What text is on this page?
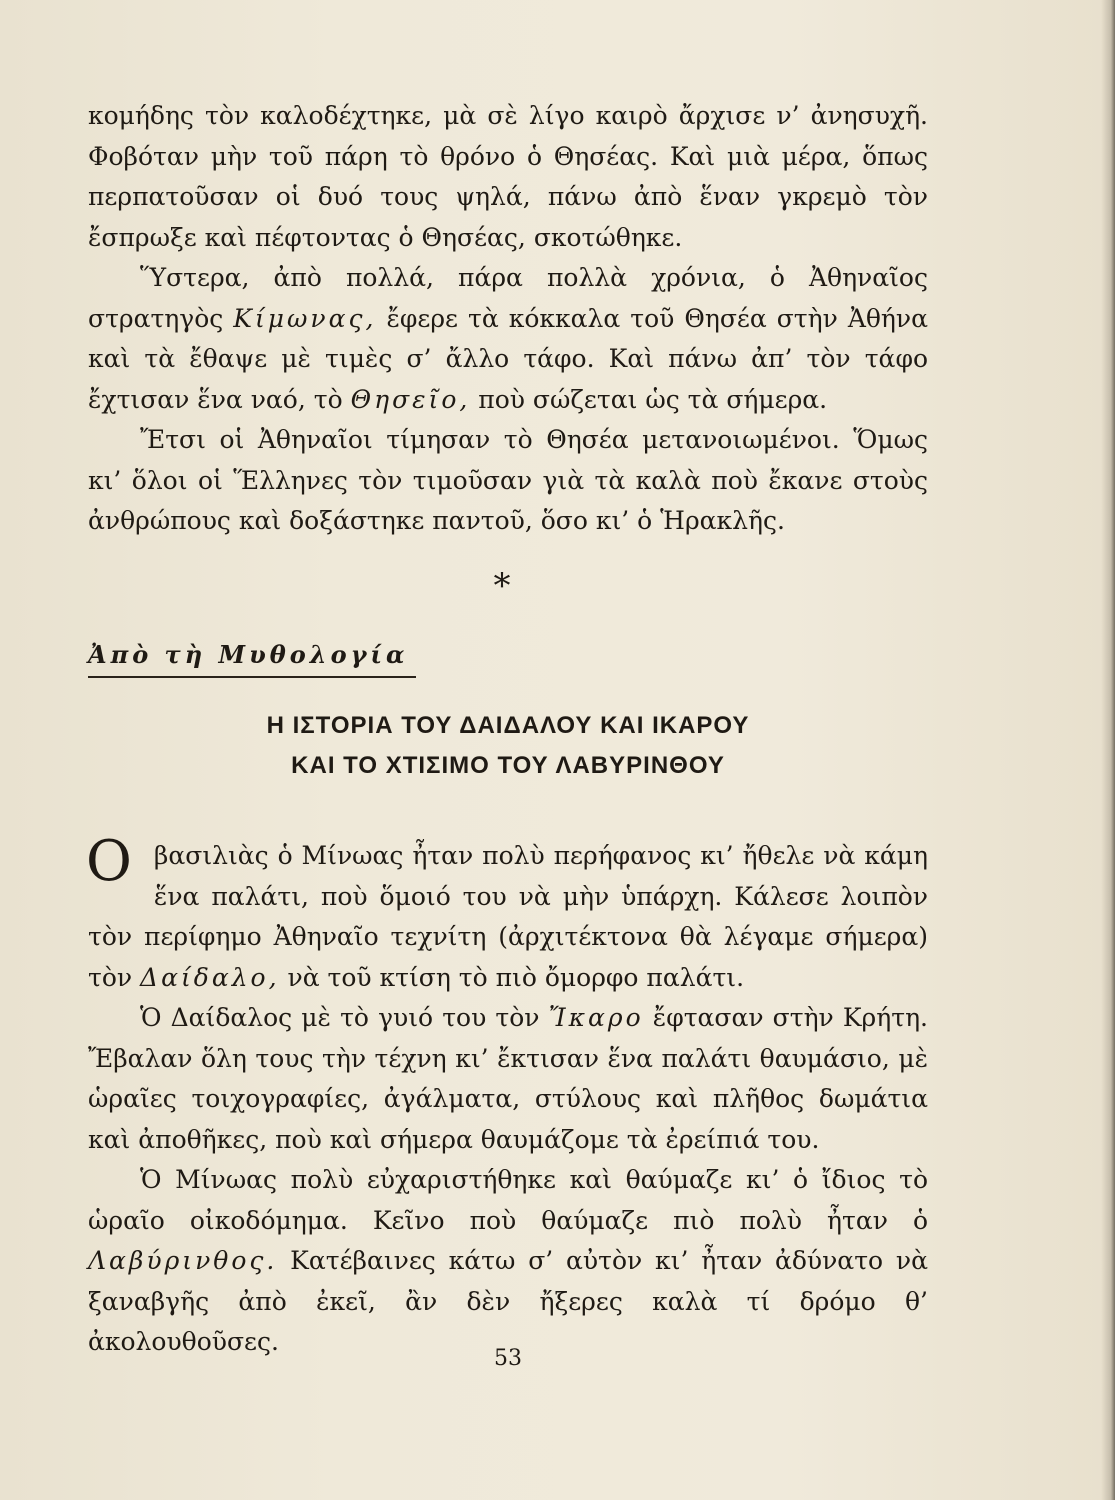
κομήδης τὸν καλοδέχτηκε, μὰ σὲ λίγο καιρὸ ἄρχισε ν’ ἀνησυχῆ. Φοβόταν μὴν τοῦ πάρη τὸ θρόνο ὁ Θησέας. Καὶ μιὰ μέρα, ὅπως περπατοῦσαν οἱ δυό τους ψηλά, πάνω ἀπὸ ἕναν γκρεμὸ τὸν ἔσπρωξε καὶ πέφτοντας ὁ Θησέας, σκοτώθηκε.

Ὕστερα, ἀπὸ πολλά, πάρα πολλὰ χρόνια, ὁ Ἀθηναῖος στρατηγὸς Κίμωνας, ἔφερε τὰ κόκκαλα τοῦ Θησέα στὴν Ἀθήνα καὶ τὰ ἔθαψε μὲ τιμὲς σ’ ἄλλο τάφο. Καὶ πάνω ἀπ’ τὸν τάφο ἔχτισαν ἕνα ναό, τὸ Θησεῖο, ποὺ σώζεται ὡς τὰ σήμερα.

Ἔτσι οἱ Ἀθηναῖοι τίμησαν τὸ Θησέα μετανοιωμένοι. Ὅμως κι’ ὅλοι οἱ Ἕλληνες τὸν τιμοῦσαν γιὰ τὰ καλὰ ποὺ ἔκανε στοὺς ἀνθρώπους καὶ δοξάστηκε παντοῦ, ὅσο κι’ ὁ Ἡρακλῆς.

*
Ἀπὸ τὴ Μυθολογία
Η ΙΣΤΟΡΙΑ ΤΟΥ ΔΑΙΔΑΛΟΥ ΚΑΙ ΙΚΑΡΟΥ
ΚΑΙ ΤΟ ΧΤΙΣΙΜΟ ΤΟΥ ΛΑΒΥΡΙΝΘΟΥ

Οβασιλιὰς ὁ Μίνωας ἦταν πολὺ περήφανος κι’ ἤθελε νὰ κάμη ἕνα παλάτι, ποὺ ὅμοιό του νὰ μὴν ὑπάρχη. Κάλεσε λοιπὸν τὸν περίφημο Ἀθηναῖο τεχνίτη (ἀρχιτέκτονα θὰ λέγαμε σήμερα) τὸν Δαίδαλο, νὰ τοῦ κτίση τὸ πιὸ ὄμορφο παλάτι.

Ὁ Δαίδαλος μὲ τὸ γυιό του τὸν Ἴκαρο ἔφτασαν στὴν Κρήτη. Ἔβαλαν ὅλη τους τὴν τέχνη κι’ ἔκτισαν ἕνα παλάτι θαυμάσιο, μὲ ὡραῖες τοιχογραφίες, ἀγάλματα, στύλους καὶ πλῆθος δωμάτια καὶ ἀποθῆκες, ποὺ καὶ σήμερα θαυμάζομε τὰ ἐρείπιά του.

Ὁ Μίνωας πολὺ εὐχαριστήθηκε καὶ θαύμαζε κι’ ὁ ἴδιος τὸ ὡραῖο οἰκοδόμημα. Κεῖνο ποὺ θαύμαζε πιὸ πολὺ ἦταν ὁ Λαβύρινθος. Κατέβαινες κάτω σ’ αὐτὸν κι’ ἦταν ἀδύνατο νὰ ξαναβγῆς ἀπὸ ἐκεῖ, ἂν δὲν ἤξερες καλὰ τί δρόμο θ’ ἀκολουθοῦσες.

53
